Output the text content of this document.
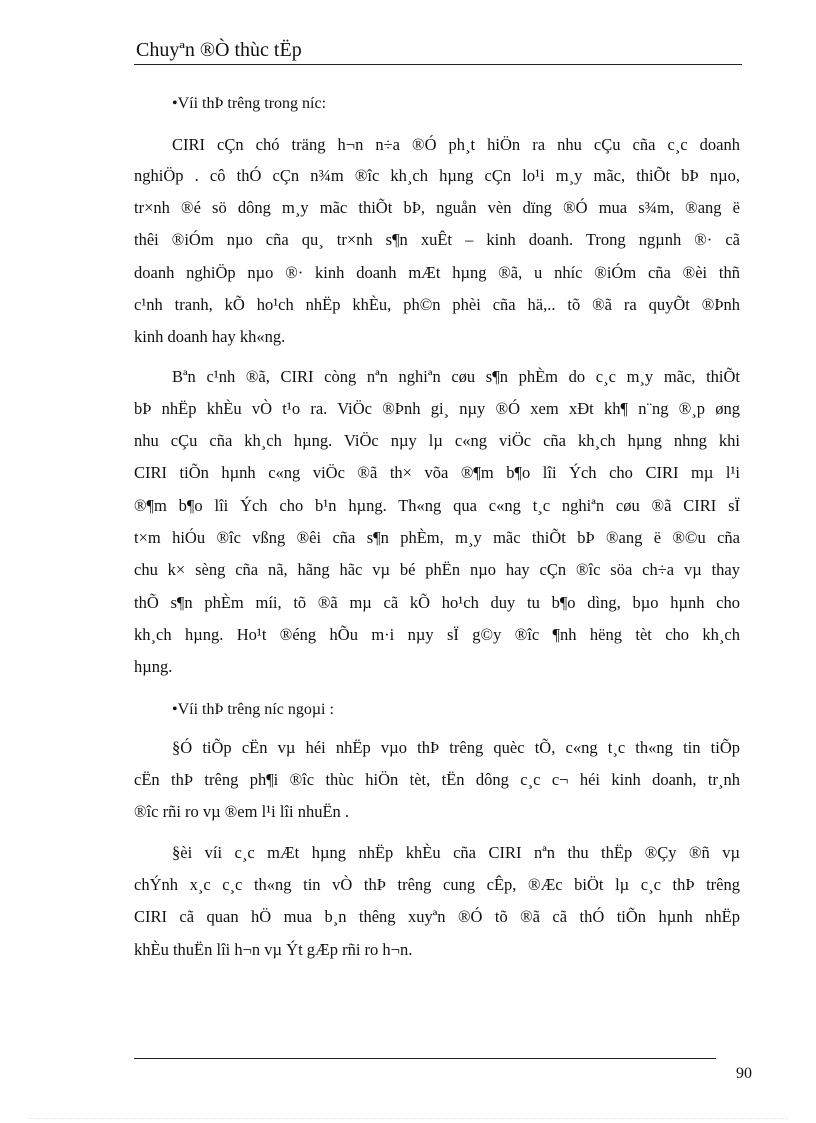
Chuyªn ®Ò thùc tËp
•Víi thÞ trêng trong níc:
CIRI cÇn chó träng h¬n n÷a ®Ó ph¸t hiÖn ra nhu cÇu cña c¸c doanh
nghiÖp . cô thÓ cÇn n¾m ®îc kh¸ch hµng cÇn lo¹i m¸y mãc, thiÕt bÞ nµo,
tr×nh ®é sö dông m¸y mãc thiÕt bÞ, nguån vèn dïng ®Ó mua s¾m, ®ang ë
thêi ®iÓm nµo cña qu¸ tr×nh s¶n xuÊt – kinh doanh. Trong ngµnh ®· cã
doanh nghiÖp nµo ®· kinh doanh mÆt hµng ®ã, u nhíc ®iÓm cña ®èi thñ
c¹nh tranh, kÕ ho¹ch nhËp khÈu, ph©n phèi cña hä,.. tõ ®ã ra quyÕt ®Þnh
kinh doanh hay kh«ng.
Bªn c¹nh ®ã, CIRI còng nªn nghiªn cøu s¶n phÈm do c¸c m¸y mãc, thiÕt
bÞ nhËp khÈu vÒ t¹o ra. ViÖc ®Þnh gi¸ nµy ®Ó xem xÐt kh¶ n¨ng ®¸p øng
nhu cÇu cña kh¸ch hµng. ViÖc nµy lµ c«ng viÖc cña kh¸ch hµng nhng khi
CIRI tiÕn hµnh c«ng viÖc ®ã th× võa ®¶m b¶o lîi Ých cho CIRI mµ l¹i
®¶m b¶o lîi Ých cho b¹n hµng. Th«ng qua c«ng t¸c nghiªn cøu ®ã CIRI sÏ
t×m hiÓu ®îc vßng ®êi cña s¶n phÈm, m¸y mãc thiÕt bÞ ®ang ë ®©u cña
chu k× sèng cña nã, hãng hãc vµ bé phËn nµo hay cÇn ®îc söa ch÷a vµ thay
thÕ s¶n phÈm míi, tõ ®ã mµ cã kÕ ho¹ch duy tu b¶o dìng, bµo hµnh cho
kh¸ch hµng. Ho¹t ®éng hÕu m·i nµy sÏ g©y ®îc ¶nh hëng tèt cho kh¸ch
hµng.
•Víi thÞ trêng níc ngoµi :
§Ó tiÕp cËn vµ héi nhËp vµo thÞ trêng quèc tÕ, c«ng t¸c th«ng tin tiÕp
cËn thÞ trêng ph¶i ®îc thùc hiÖn tèt, tËn dông c¸c c¬ héi kinh doanh, tr¸nh
®îc rñi ro vµ ®em l¹i lîi nhuËn .
§èi víi c¸c mÆt hµng nhËp khÈu cña CIRI nªn thu thËp ®Çy ®ñ vµ
chÝnh x¸c c¸c th«ng tin vÒ thÞ trêng cung cÊp, ®Æc biÖt lµ c¸c thÞ trêng
CIRI cã quan hÖ mua b¸n thêng xuyªn ®Ó tõ ®ã cã thÓ tiÕn hµnh nhËp
khÈu thuËn lîi h¬n vµ Ýt gÆp rñi ro h¬n.
90
